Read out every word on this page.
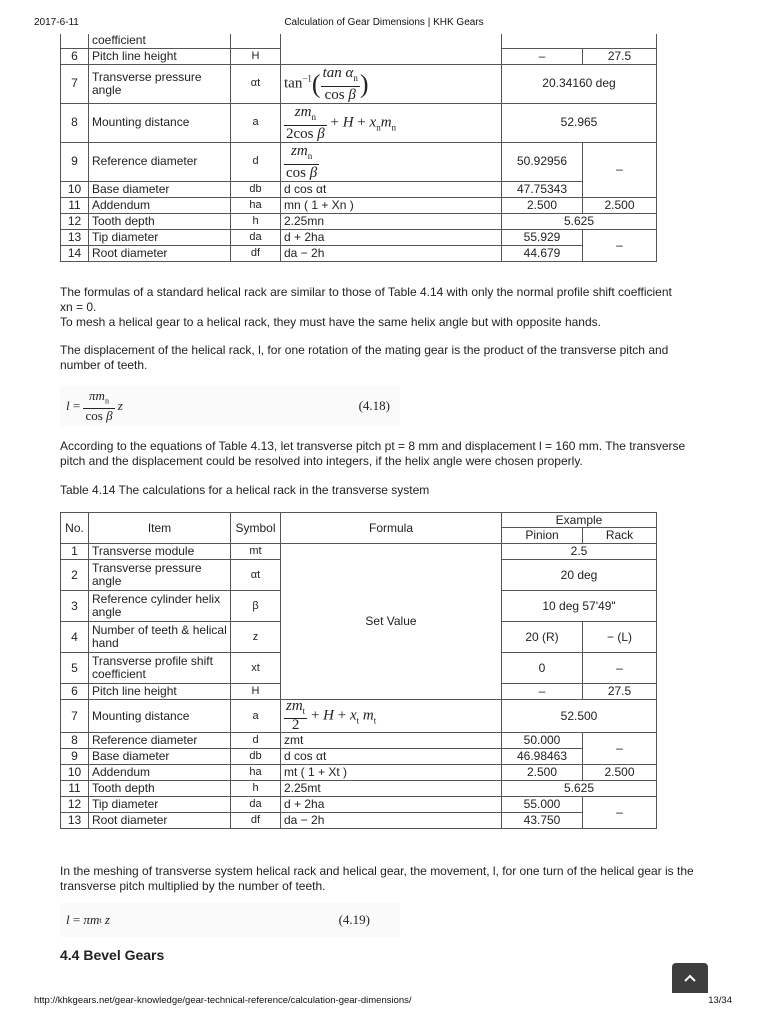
2017-6-11	Calculation of Gear Dimensions | KHK Gears
	coefficient				
6	Pitch line height	H		–	27.5
7	Transverse pressure angle	αt	$\tan^{-1}( \frac{\tan \alpha_n}{\text{cos β}}$ )	20.34160 deg	
8	Mounting distance	a	$\frac{zm_n}{\text{2cos β}} + H + x_nm_n$	52.965	
9	Reference diameter	d	$\frac{zm_n}{\text{cos β}}$	50.92956	–
10	Base diameter	db	d cos αt	47.75343	
11	Addendum	ha	mn ( 1 + Xn )	2.500	2.500
12	Tooth depth	h	2.25mn	5.625	
13	Tip diameter	da	d + 2ha	55.929	–
14	Root diameter	df	da − 2h	44.679	
The formulas of a standard helical rack are similar to those of Table 4.14 with only the normal profile shift coefficient
xn = 0.
To mesh a helical gear to a helical rack, they must have the same helix angle but with opposite hands.
The displacement of the helical rack, l, for one rotation of the mating gear is the product of the transverse pitch and number of teeth.
$l = \frac{\pi m_n}{\text{cos β}}$
z	(4.18)
According to the equations of Table 4.13, let transverse pitch pt = 8 mm and displacement l = 160 mm. The transverse pitch and the displacement could be resolved into integers, if the helix angle were chosen properly.
Table 4.14 The calculations for a helical rack in the transverse system
No.	Item	Symbol	Formula	Example	
				Pinion	Rack
1	Transverse module	mt	Set Value	2.5	
2	Transverse pressure angle	αt		20 deg	
3	Reference cylinder helix angle	β		10 deg 57'49"	
4	Number of teeth & helical hand	z		20 (R)	− (L)
5	Transverse profile shift coefficient	xt		0	–
6	Pitch line height	H		–	27.5
7	Mounting distance	a	$\frac{zm_t}{2} + H + x_t$ $m_t$	52.500	
8	Reference diameter	d	zmt	50.000	–
9	Base diameter	db	d cos αt	46.98463	
10	Addendum	ha	mt ( 1 + Xt )	2.500	2.500
11	Tooth depth	h	2.25mt	5.625	
12	Tip diameter	da	d + 2ha	55.000	–
13	Root diameter	df	da − 2h	43.750	
In the meshing of transverse system helical rack and helical gear, the movement, l, for one turn of the helical gear is the transverse pitch multiplied by the number of teeth.
l = πm t
z	(4.19)
4.4 Bevel Gears
http://khkgears.net/gear-knowledge/gear-technical-reference/calculation-gear-dimensions/	13/34
